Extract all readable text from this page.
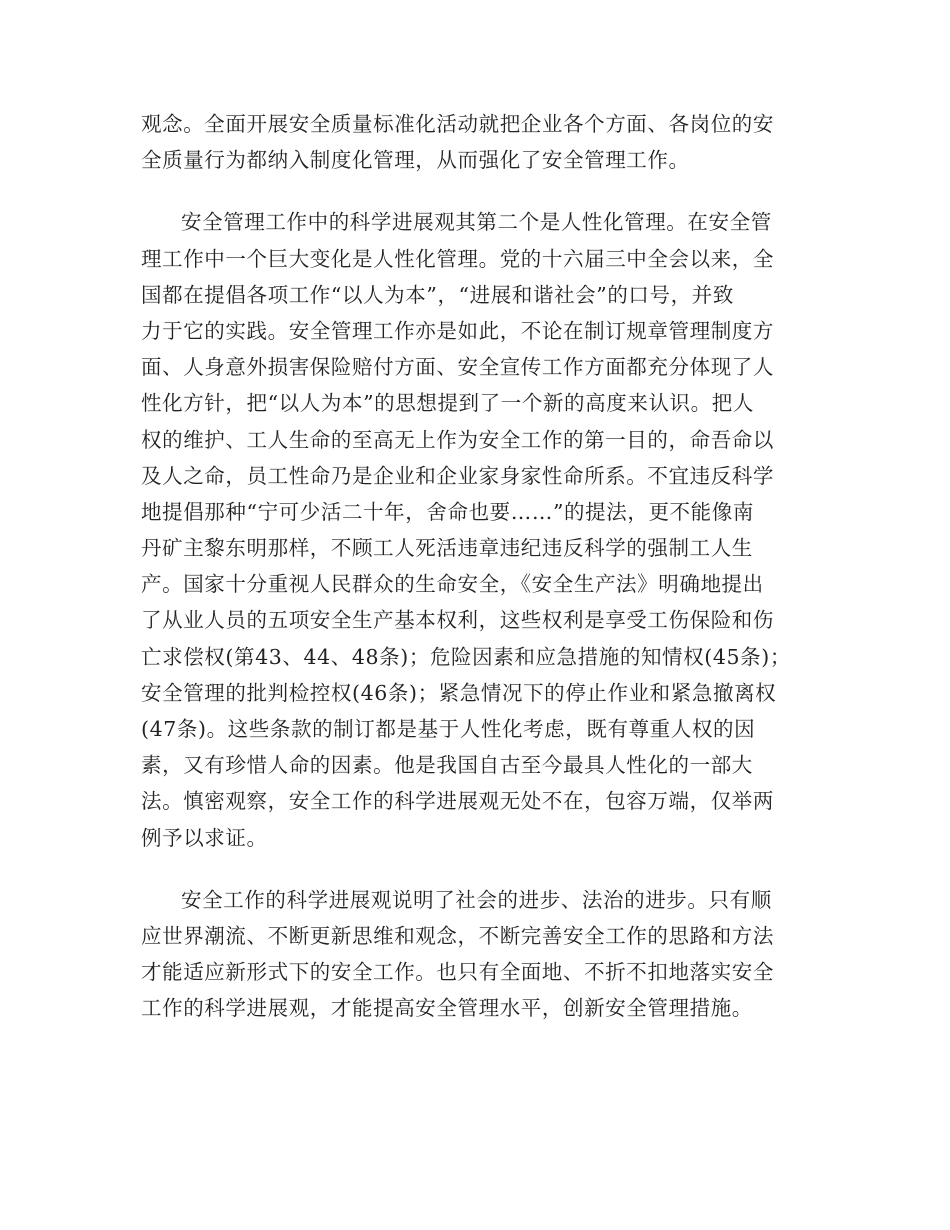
观念。全面开展安全质量标准化活动就把企业各个方面、各岗位的安
全质量行为都纳入制度化管理，从而强化了安全管理工作。

安全管理工作中的科学进展观其第二个是人性化管理。在安全管
理工作中一个巨大变化是人性化管理。党的十六届三中全会以来，全
国都在提倡各项工作“以人为本”，“进展和谐社会”的口号，并致
力于它的实践。安全管理工作亦是如此，不论在制订规章管理制度方
面、人身意外损害保险赔付方面、安全宣传工作方面都充分体现了人
性化方针，把“以人为本”的思想提到了一个新的高度来认识。把人
权的维护、工人生命的至高无上作为安全工作的第一目的，命吾命以
及人之命，员工性命乃是企业和企业家身家性命所系。不宜违反科学
地提倡那种“宁可少活二十年，舍命也要……”的提法，更不能像南
丹矿主黎东明那样，不顾工人死活违章违纪违反科学的强制工人生
产。国家十分重视人民群众的生命安全，《安全生产法》明确地提出
了从业人员的五项安全生产基本权利，这些权利是享受工伤保险和伤
亡求偿权(第43、44、48条)；危险因素和应急措施的知情权(45条)；
安全管理的批判检控权(46条)；紧急情况下的停止作业和紧急撤离权
(47条)。这些条款的制订都是基于人性化考虑，既有尊重人权的因
素，又有珍惜人命的因素。他是我国自古至今最具人性化的一部大
法。慎密观察，安全工作的科学进展观无处不在，包容万端，仅举两
例予以求证。

安全工作的科学进展观说明了社会的进步、法治的进步。只有顺
应世界潮流、不断更新思维和观念，不断完善安全工作的思路和方法
才能适应新形式下的安全工作。也只有全面地、不折不扣地落实安全
工作的科学进展观，才能提高安全管理水平，创新安全管理措施。
